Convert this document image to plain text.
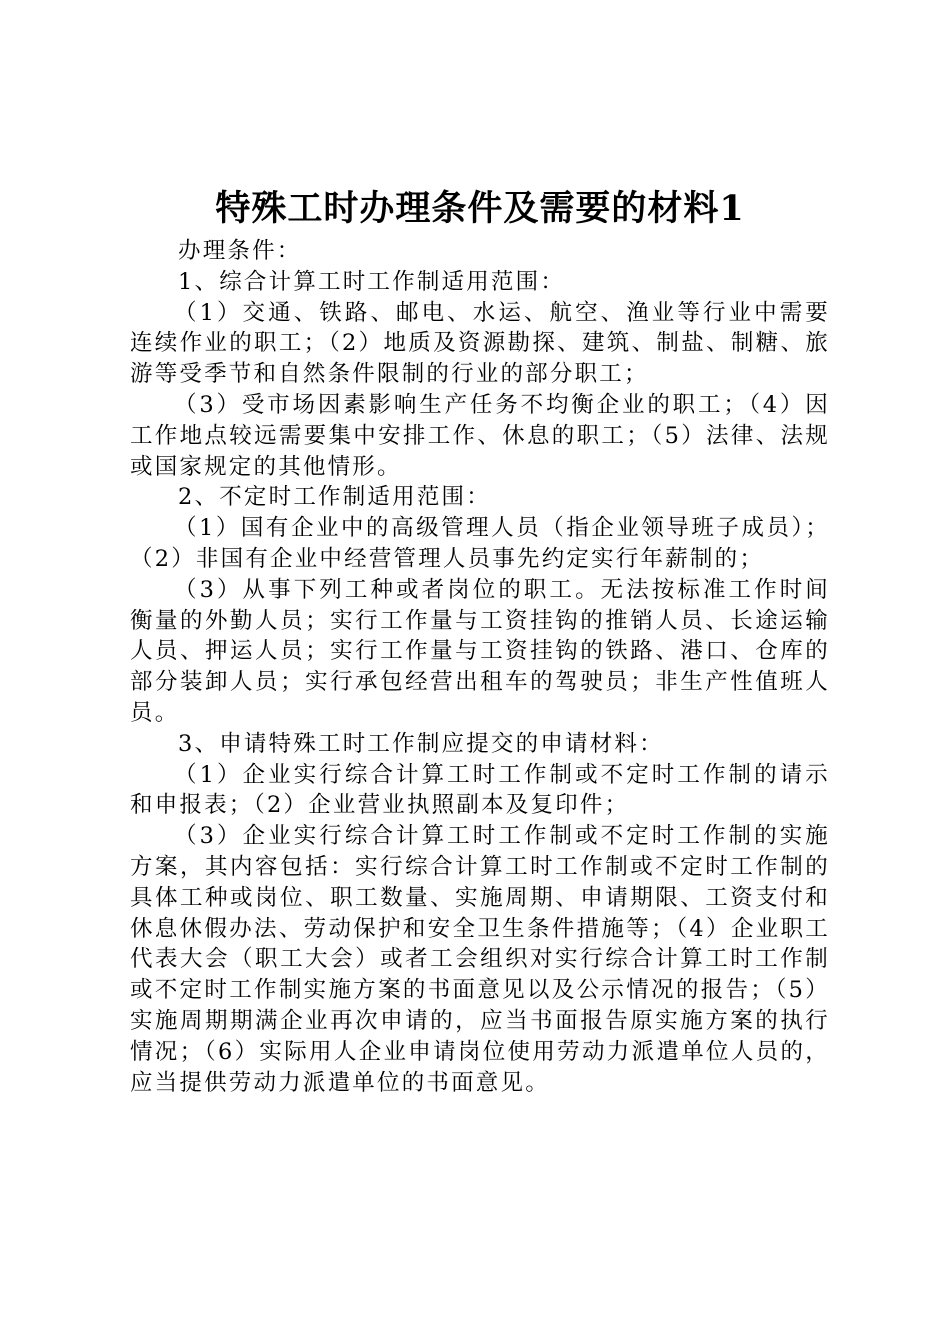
特殊工时办理条件及需要的材料1

办理条件：

1、综合计算工时工作制适用范围：

（1）交通、铁路、邮电、水运、航空、渔业等行业中需要连续作业的职工；（2）地质及资源勘探、建筑、制盐、制糖、旅游等受季节和自然条件限制的行业的部分职工；

（3）受市场因素影响生产任务不均衡企业的职工；（4）因工作地点较远需要集中安排工作、休息的职工；（5）法律、法规或国家规定的其他情形。

2、不定时工作制适用范围：

（1）国有企业中的高级管理人员（指企业领导班子成员）；（2）非国有企业中经营管理人员事先约定实行年薪制的；

（3）从事下列工种或者岗位的职工。无法按标准工作时间衡量的外勤人员；实行工作量与工资挂钩的推销人员、长途运输人员、押运人员；实行工作量与工资挂钩的铁路、港口、仓库的部分装卸人员；实行承包经营出租车的驾驶员；非生产性值班人员。

3、申请特殊工时工作制应提交的申请材料：

（1）企业实行综合计算工时工作制或不定时工作制的请示和申报表；（2）企业营业执照副本及复印件；

（3）企业实行综合计算工时工作制或不定时工作制的实施方案，其内容包括：实行综合计算工时工作制或不定时工作制的具体工种或岗位、职工数量、实施周期、申请期限、工资支付和休息休假办法、劳动保护和安全卫生条件措施等；（4）企业职工代表大会（职工大会）或者工会组织对实行综合计算工时工作制或不定时工作制实施方案的书面意见以及公示情况的报告；（5）实施周期期满企业再次申请的，应当书面报告原实施方案的执行情况；（6）实际用人企业申请岗位使用劳动力派遣单位人员的，应当提供劳动力派遣单位的书面意见。
